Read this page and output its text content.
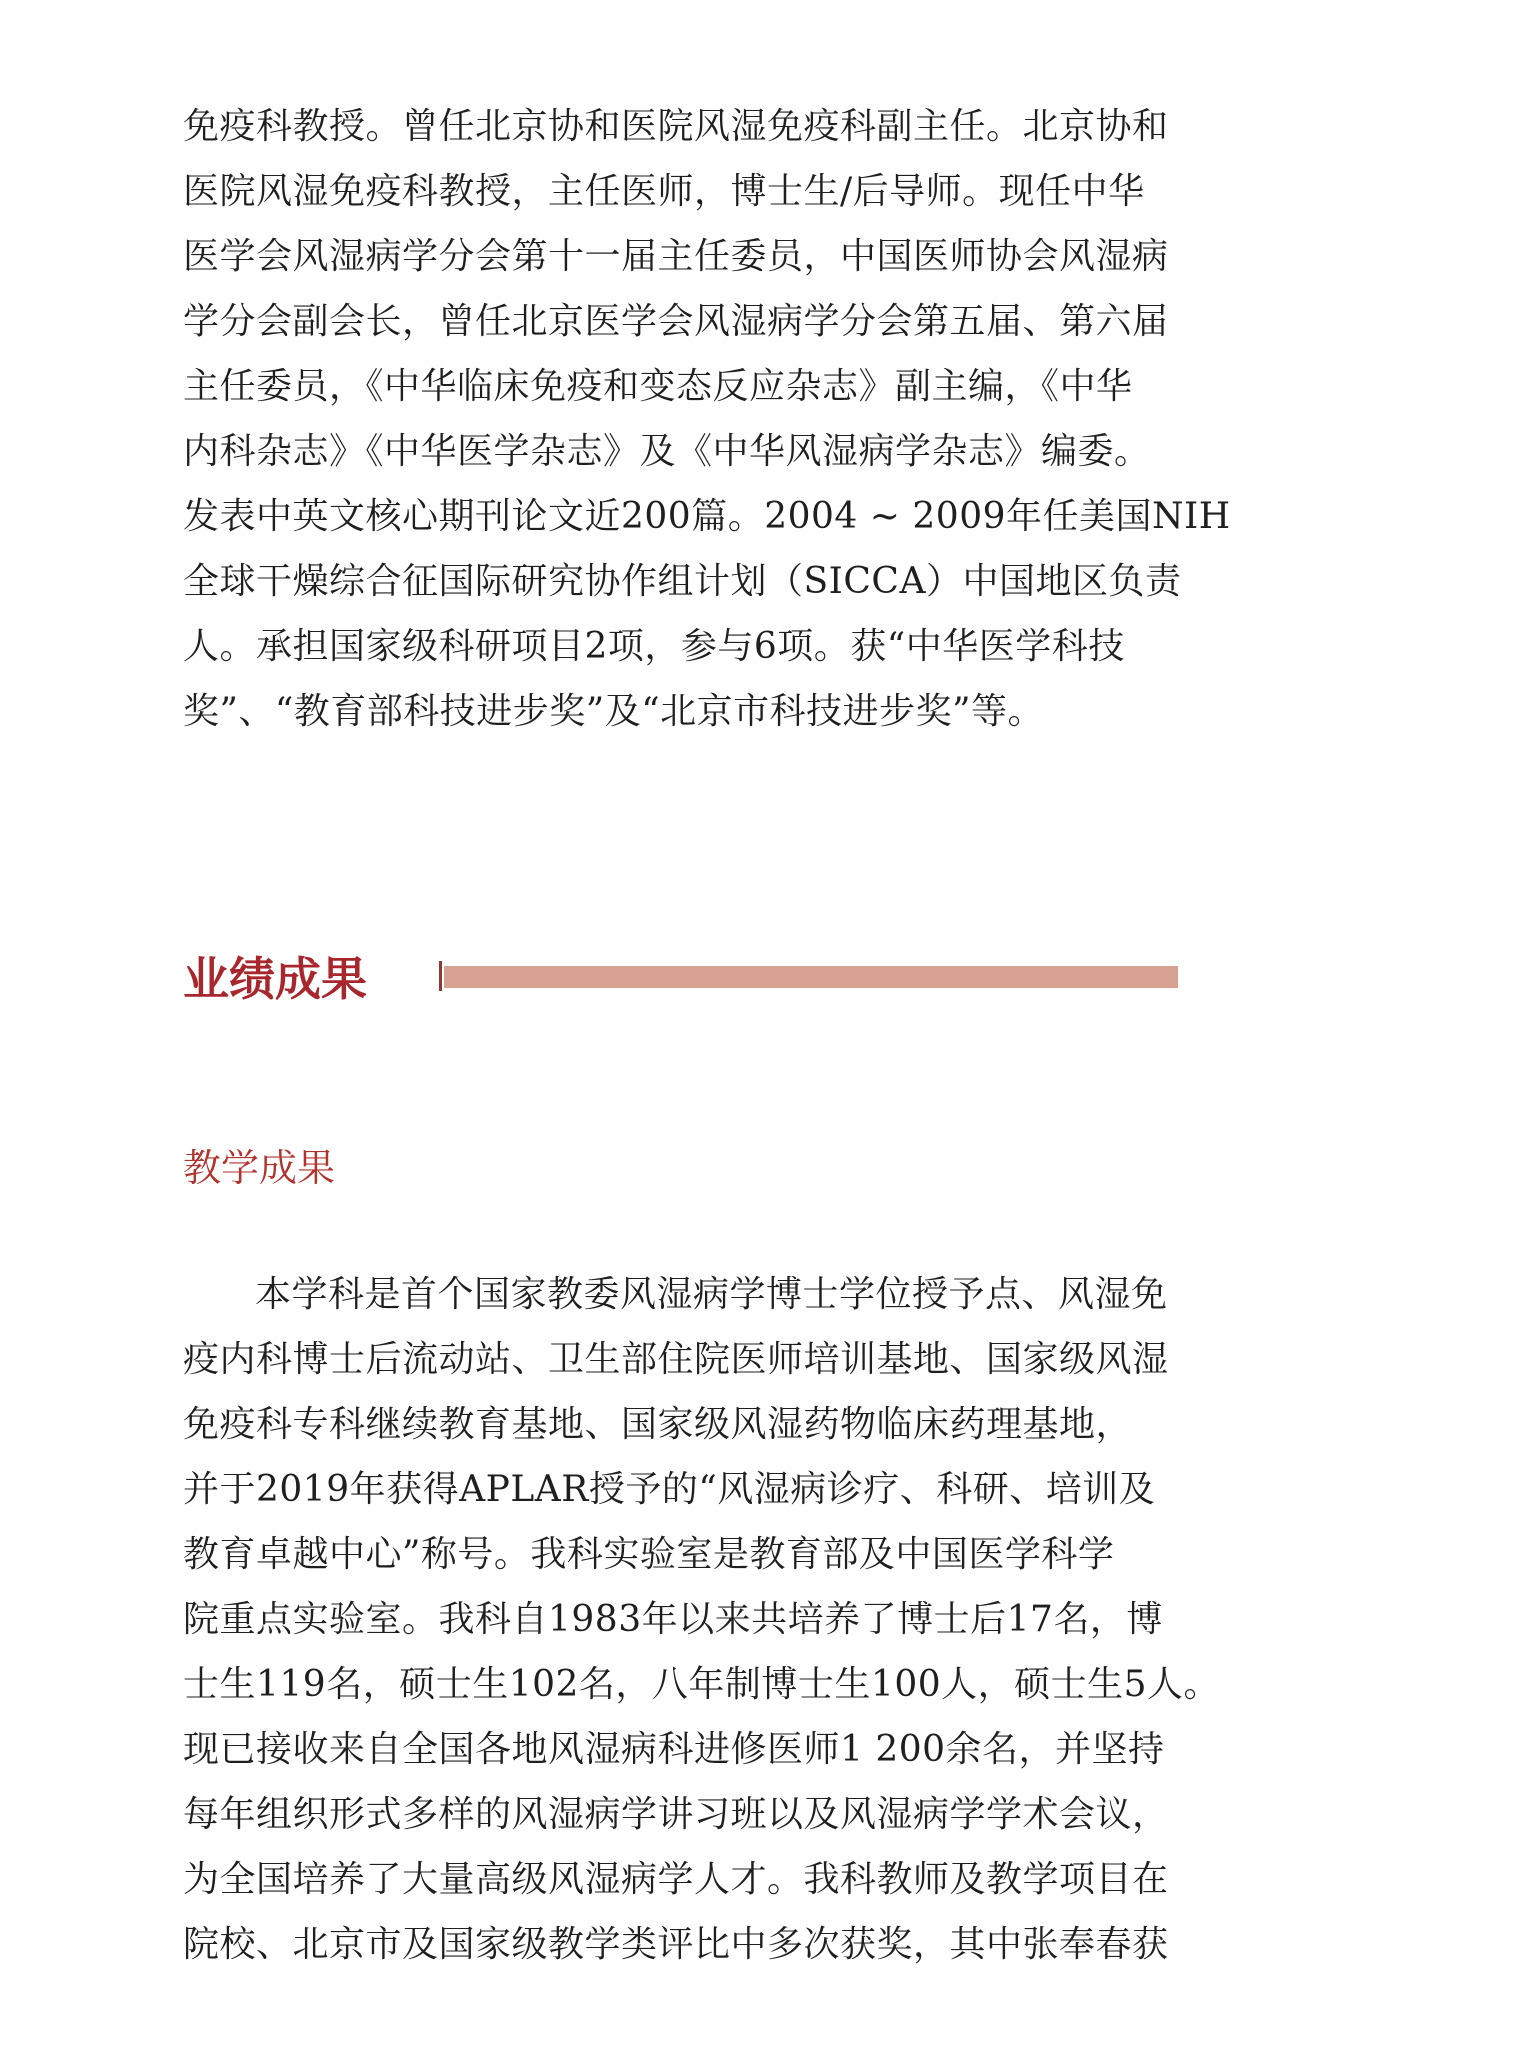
免疫科教授。曾任北京协和医院风湿免疫科副主任。北京协和
医院风湿免疫科教授，主任医师，博士生/后导师。现任中华
医学会风湿病学分会第十一届主任委员，中国医师协会风湿病
学分会副会长，曾任北京医学会风湿病学分会第五届、第六届
主任委员，《中华临床免疫和变态反应杂志》副主编，《中华
内科杂志》《中华医学杂志》及《中华风湿病学杂志》编委。
发表中英文核心期刊论文近200篇。2004 ~ 2009年任美国NIH
全球干燥综合征国际研究协作组计划（SICCA）中国地区负责
人。承担国家级科研项目2项，参与6项。获“中华医学科技
奖”、“教育部科技进步奖”及“北京市科技进步奖”等。
业绩成果
教学成果
本学科是首个国家教委风湿病学博士学位授予点、风湿免
疫内科博士后流动站、卫生部住院医师培训基地、国家级风湿
免疫科专科继续教育基地、国家级风湿药物临床药理基地，
并于2019年获得APLAR授予的“风湿病诊疗、科研、培训及
教育卓越中心”称号。我科实验室是教育部及中国医学科学
院重点实验室。我科自1983年以来共培养了博士后17名，博
士生119名，硕士生102名，八年制博士生100人，硕士生5人。
现已接收来自全国各地风湿病科进修医师1 200余名，并坚持
每年组织形式多样的风湿病学讲习班以及风湿病学学术会议，
为全国培养了大量高级风湿病学人才。我科教师及教学项目在
院校、北京市及国家级教学类评比中多次获奖，其中张奉春获
